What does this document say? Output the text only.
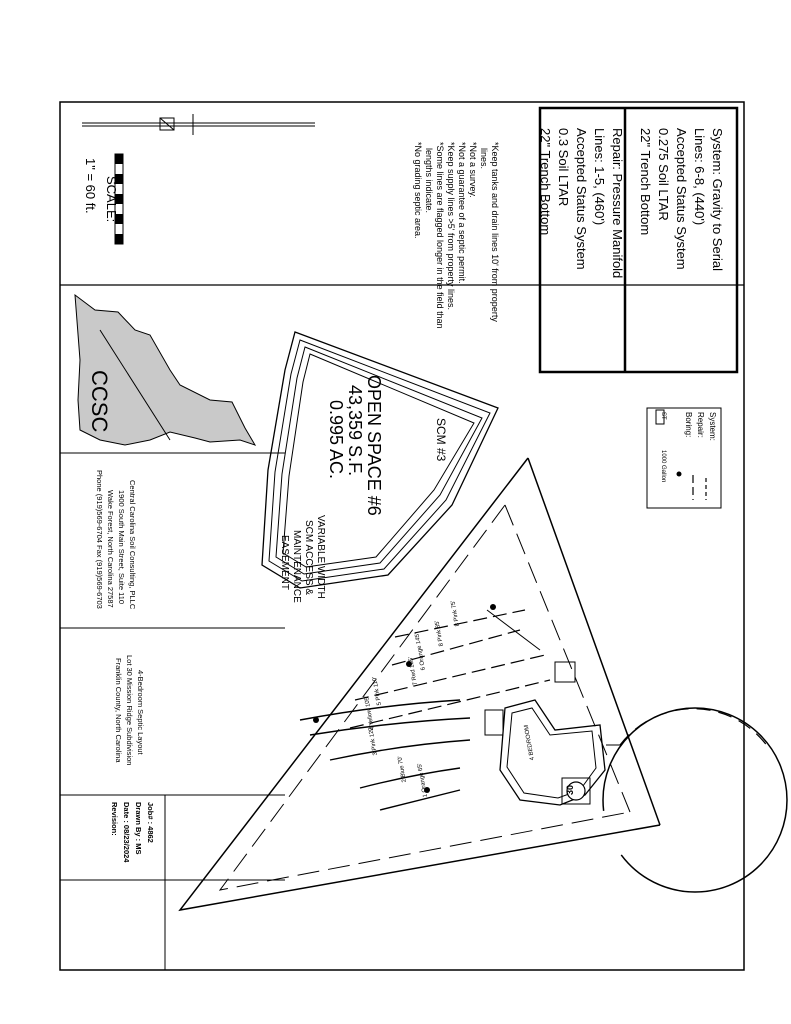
System: Gravity to Serial
Lines: 6-8, (440')
Accepted Status System
0.275 Soil LTAR
22" Trench Bottom
Repair: Pressure Manifold
Lines: 1-5, (460')
Accepted Status System
0.3 Soil LTAR
22" Trench Bottom
*Keep tanks and drain lines 10' from property
lines.
*Not a survey.
*Not a guarantee of a septic permit.
*Keep supply lines >5' from property lines.
*Some lines are flagged longer in the field than
lengths indicate.
*No grading septic area.
SCALE:
1" = 60 ft.
System:
Repair:
Boring:
ST
1000 Gallon
SCM #3
OPEN SPACE #6
43,359 S.F.
0.995 AC.
VARIABLE WIDTH
SCM ACCESS &
MAINTENANCE
EASEMENT
8 Pink 75'
8 Pink 85'
7 Red 135'
6 Orange 145'
5 Pink 110'
4 Yellow 105'
3 Pink 120'
2 Blue 70' 1 Orange 65'
4 BEDROOM
30
CCSC
Central Carolina Soil Consulting, PLLC
1900 South Main Street, Suite 110
Wake Forest, North Carolina 27587
Phone (919)569-6704 Fax (919)569-6703
4-Bedroom Septic Layout
Lot 30 Mission Ridge Subdivision
Franklin County, North Carolina
Job# : 4862
Drawn By : MS
Date : 08/23/2024
Revision:
